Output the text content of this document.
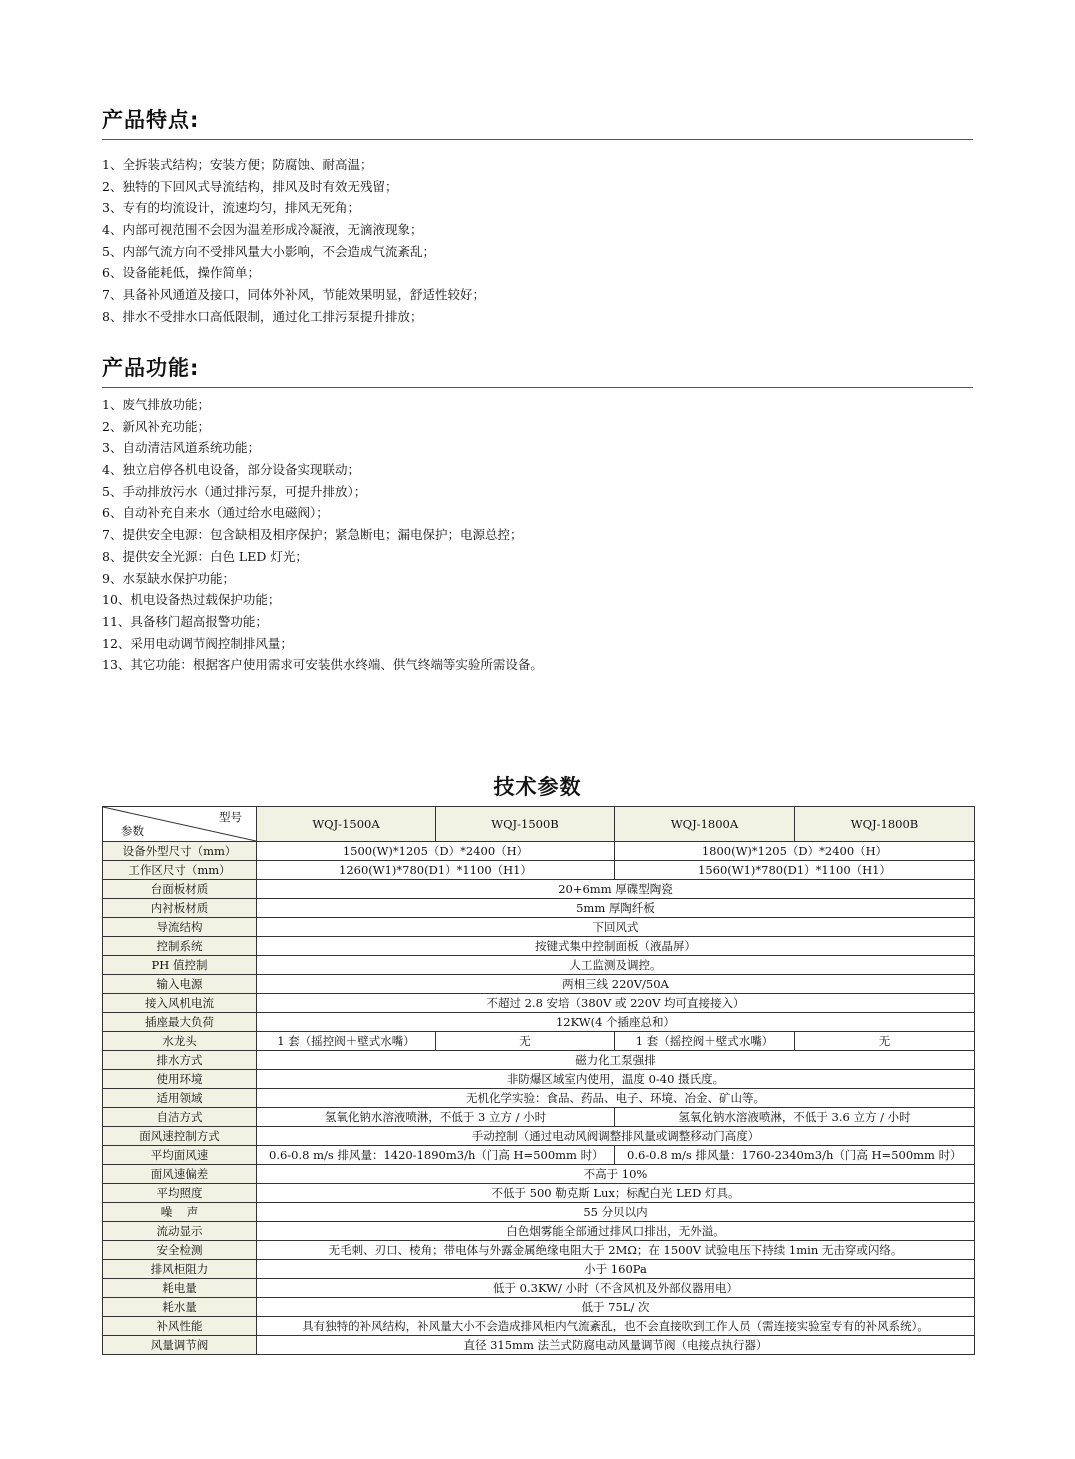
产品特点:
1、全拆装式结构；安装方便；防腐蚀、耐高温；
2、独特的下回风式导流结构，排风及时有效无残留；
3、专有的均流设计，流速均匀，排风无死角；
4、内部可视范围不会因为温差形成冷凝液，无滴液现象；
5、内部气流方向不受排风量大小影响，不会造成气流紊乱；
6、设备能耗低，操作简单；
7、具备补风通道及接口，同体外补风，节能效果明显，舒适性较好；
8、排水不受排水口高低限制，通过化工排污泵提升排放；
产品功能:
1、废气排放功能；
2、新风补充功能；
3、自动清洁风道系统功能；
4、独立启停各机电设备，部分设备实现联动；
5、手动排放污水（通过排污泵，可提升排放）；
6、自动补充自来水（通过给水电磁阀）；
7、提供安全电源：包含缺相及相序保护；紧急断电；漏电保护；电源总控；
8、提供安全光源：白色 LED 灯光；
9、水泵缺水保护功能；
10、机电设备热过载保护功能；
11、具备移门超高报警功能；
12、采用电动调节阀控制排风量；
13、其它功能：根据客户使用需求可安装供水终端、供气终端等实验所需设备。
技术参数
型号
参数	WQJ-1500A	WQJ-1500B	WQJ-1800A	WQJ-1800B
设备外型尺寸（mm）	1500(W)*1205（D）*2400（H）		1800(W)*1205（D）*2400（H）	
工作区尺寸（mm）	1260(W1)*780(D1）*1100（H1）		1560(W1)*780(D1）*1100（H1）	
台面板材质	20+6mm 厚碟型陶瓷			
内衬板材质	5mm 厚陶纤板			
导流结构	下回风式			
控制系统	按键式集中控制面板（液晶屏）			
PH 值控制	人工监测及调控。			
输入电源	两相三线 220V/50A			
接入风机电流	不超过 2.8 安培（380V 或 220V 均可直接接入）			
插座最大负荷	12KW(4 个插座总和）			
水龙头	1 套（摇控阀＋壁式水嘴）	无	1 套（摇控阀＋壁式水嘴）	无
排水方式	磁力化工泵强排			
使用环境	非防爆区域室内使用，温度 0-40 摄氏度。			
适用领域	无机化学实验：食品、药品、电子、环境、冶金、矿山等。			
自洁方式	氢氧化钠水溶液喷淋，不低于 3 立方 / 小时		氢氧化钠水溶液喷淋，不低于 3.6 立方 / 小时	
面风速控制方式	手动控制（通过电动风阀调整排风量或调整移动门高度）			
平均面风速	0.6-0.8 m/s 排风量：1420-1890m3/h（门高 H=500mm 时）		0.6-0.8 m/s 排风量：1760-2340m3/h（门高 H=500mm 时）	
面风速偏差	不高于 10%			
平均照度	不低于 500 勒克斯 Lux；标配白光 LED 灯具。			
噪    声	55 分贝以内			
流动显示	白色烟雾能全部通过排风口排出，无外溢。			
安全检测	无毛刺、刃口、棱角；带电体与外露金属绝缘电阻大于 2MΩ；在 1500V 试验电压下持续 1min 无击穿或闪络。			
排风柜阻力	小于 160Pa			
耗电量	低于 0.3KW/ 小时（不含风机及外部仪器用电）			
耗水量	低于 75L/ 次			
补风性能	具有独特的补风结构，补风量大小不会造成排风柜内气流紊乱，也不会直接吹到工作人员（需连接实验室专有的补风系统）。			
风量调节阀	直径 315mm 法兰式防腐电动风量调节阀（电接点执行器）			
